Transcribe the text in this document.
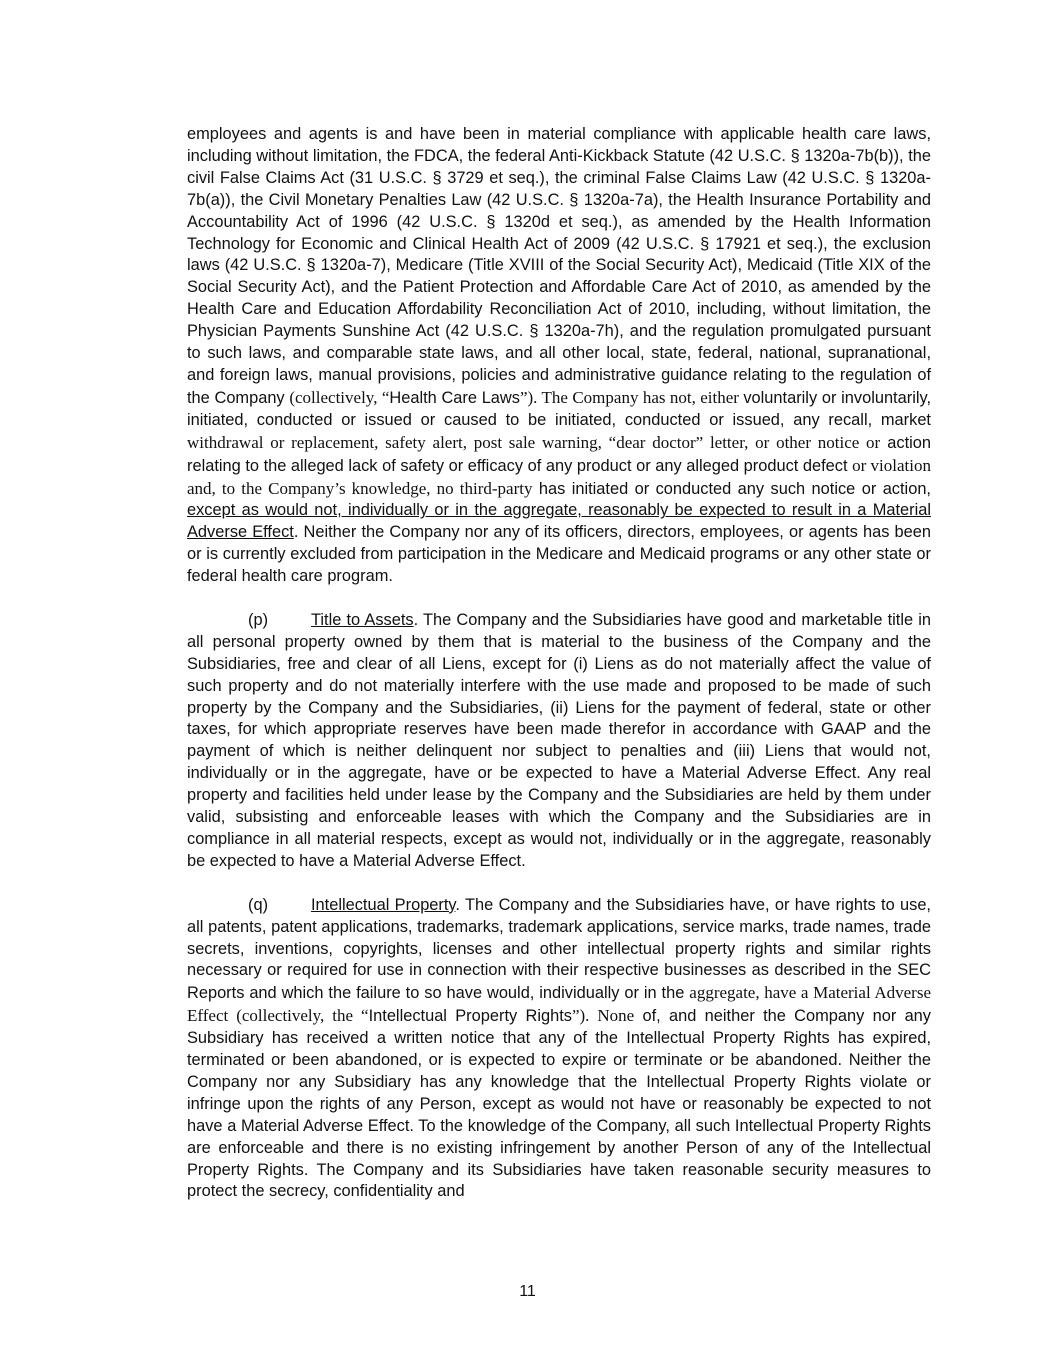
employees and agents is and have been in material compliance with applicable health care laws, including without limitation, the FDCA, the federal Anti-Kickback Statute (42 U.S.C. § 1320a-7b(b)), the civil False Claims Act (31 U.S.C. § 3729 et seq.), the criminal False Claims Law (42 U.S.C. § 1320a-7b(a)), the Civil Monetary Penalties Law (42 U.S.C. § 1320a-7a), the Health Insurance Portability and Accountability Act of 1996 (42 U.S.C. § 1320d et seq.), as amended by the Health Information Technology for Economic and Clinical Health Act of 2009 (42 U.S.C. § 17921 et seq.), the exclusion laws (42 U.S.C. § 1320a-7), Medicare (Title XVIII of the Social Security Act), Medicaid (Title XIX of the Social Security Act), and the Patient Protection and Affordable Care Act of 2010, as amended by the Health Care and Education Affordability Reconciliation Act of 2010, including, without limitation, the Physician Payments Sunshine Act (42 U.S.C. § 1320a-7h), and the regulation promulgated pursuant to such laws, and comparable state laws, and all other local, state, federal, national, supranational, and foreign laws, manual provisions, policies and administrative guidance relating to the regulation of the Company (collectively, “Health Care Laws”). The Company has not, either voluntarily or involuntarily, initiated, conducted or issued or caused to be initiated, conducted or issued, any recall, market withdrawal or replacement, safety alert, post sale warning, “dear doctor” letter, or other notice or action relating to the alleged lack of safety or efficacy of any product or any alleged product defect or violation and, to the Company’s knowledge, no third-party has initiated or conducted any such notice or action, except as would not, individually or in the aggregate, reasonably be expected to result in a Material Adverse Effect. Neither the Company nor any of its officers, directors, employees, or agents has been or is currently excluded from participation in the Medicare and Medicaid programs or any other state or federal health care program.

(p)	Title to Assets. The Company and the Subsidiaries have good and marketable title in all personal property owned by them that is material to the business of the Company and the Subsidiaries, free and clear of all Liens, except for (i) Liens as do not materially affect the value of such property and do not materially interfere with the use made and proposed to be made of such property by the Company and the Subsidiaries, (ii) Liens for the payment of federal, state or other taxes, for which appropriate reserves have been made therefor in accordance with GAAP and the payment of which is neither delinquent nor subject to penalties and (iii) Liens that would not, individually or in the aggregate, have or be expected to have a Material Adverse Effect. Any real property and facilities held under lease by the Company and the Subsidiaries are held by them under valid, subsisting and enforceable leases with which the Company and the Subsidiaries are in compliance in all material respects, except as would not, individually or in the aggregate, reasonably be expected to have a Material Adverse Effect.

(q)	Intellectual Property. The Company and the Subsidiaries have, or have rights to use, all patents, patent applications, trademarks, trademark applications, service marks, trade names, trade secrets, inventions, copyrights, licenses and other intellectual property rights and similar rights necessary or required for use in connection with their respective businesses as described in the SEC Reports and which the failure to so have would, individually or in the aggregate, have a Material Adverse Effect (collectively, the “Intellectual Property Rights”). None of, and neither the Company nor any Subsidiary has received a written notice that any of the Intellectual Property Rights has expired, terminated or been abandoned, or is expected to expire or terminate or be abandoned. Neither the Company nor any Subsidiary has any knowledge that the Intellectual Property Rights violate or infringe upon the rights of any Person, except as would not have or reasonably be expected to not have a Material Adverse Effect. To the knowledge of the Company, all such Intellectual Property Rights are enforceable and there is no existing infringement by another Person of any of the Intellectual Property Rights. The Company and its Subsidiaries have taken reasonable security measures to protect the secrecy, confidentiality and

11
